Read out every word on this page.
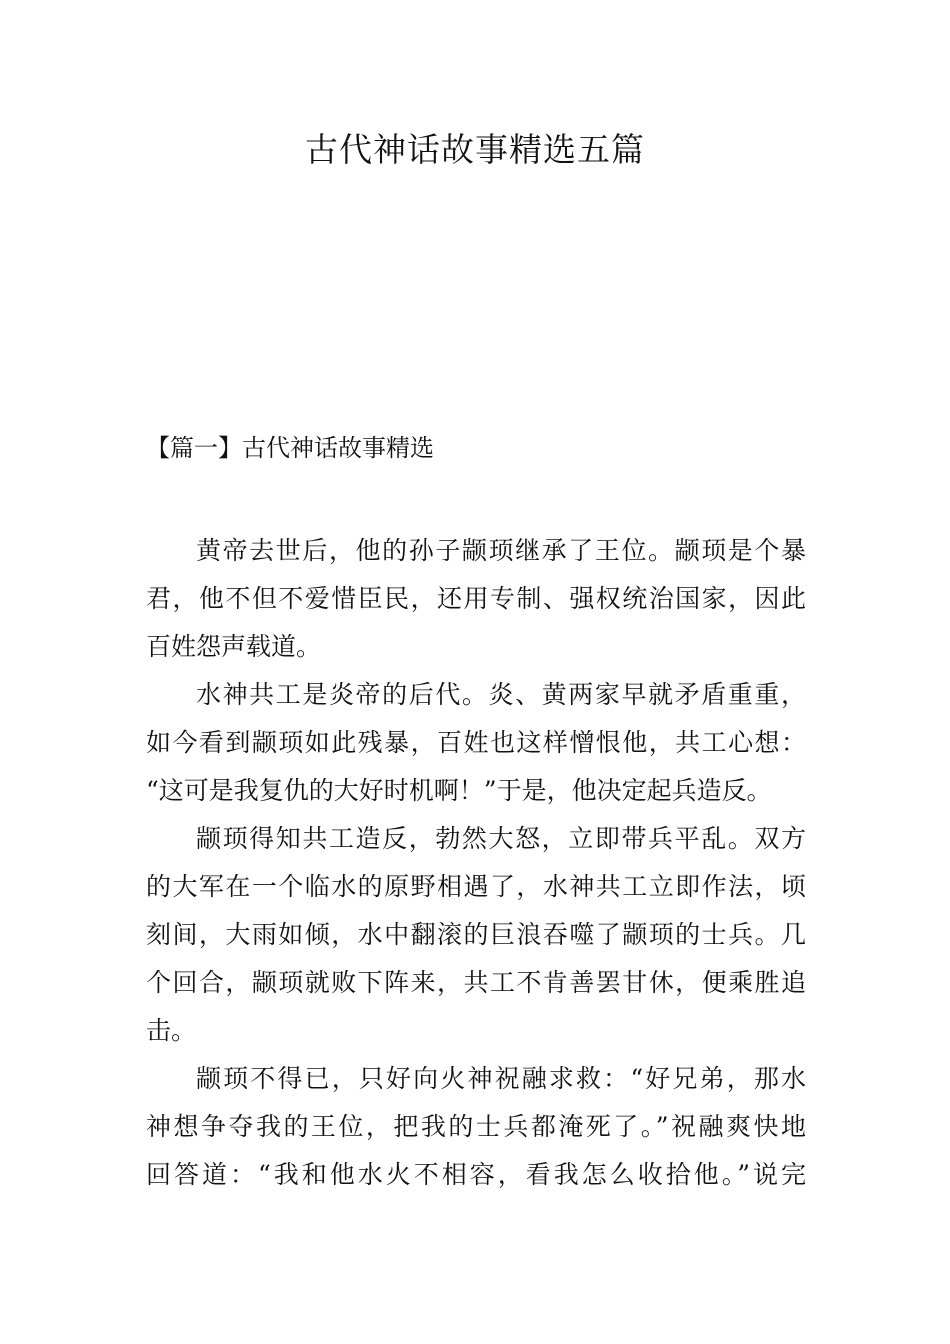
古代神话故事精选五篇
【篇一】古代神话故事精选
黄帝去世后，他的孙子颛顼继承了王位。颛顼是个暴
君，他不但不爱惜臣民，还用专制、强权统治国家，因此
百姓怨声载道。
水神共工是炎帝的后代。炎、黄两家早就矛盾重重，
如今看到颛顼如此残暴，百姓也这样憎恨他，共工心想：
“这可是我复仇的大好时机啊！”于是，他决定起兵造反。
颛顼得知共工造反，勃然大怒，立即带兵平乱。双方
的大军在一个临水的原野相遇了，水神共工立即作法，顷
刻间，大雨如倾，水中翻滚的巨浪吞噬了颛顼的士兵。几
个回合，颛顼就败下阵来，共工不肯善罢甘休，便乘胜追
击。
颛顼不得已，只好向火神祝融求救：“好兄弟，那水
神想争夺我的王位，把我的士兵都淹死了。”祝融爽快地
回答道：“我和他水火不相容，看我怎么收拾他。”说完
